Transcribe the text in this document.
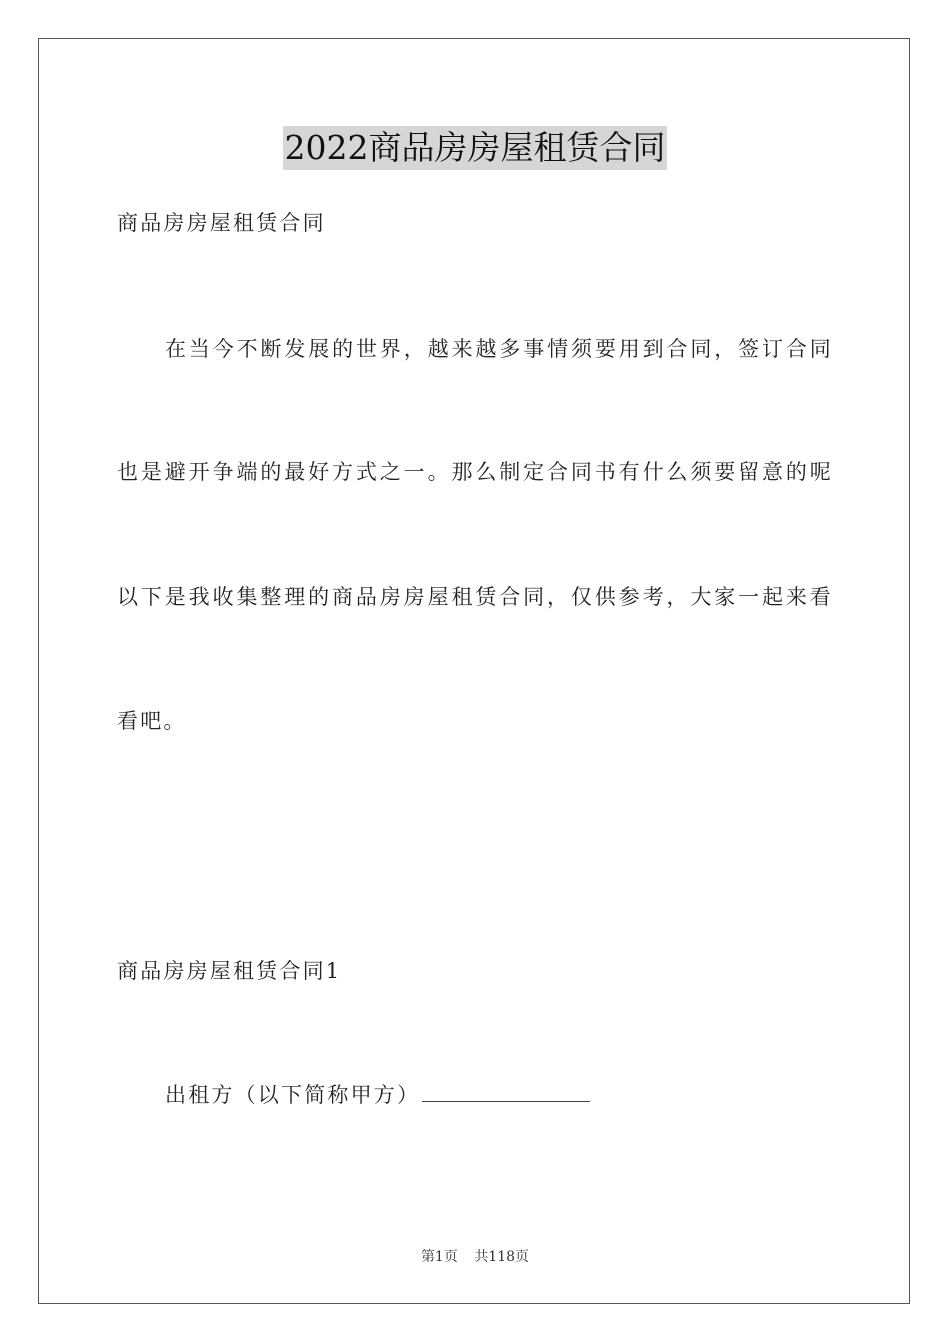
2022商品房房屋租赁合同
商品房房屋租赁合同
在当今不断发展的世界，越来越多事情须要用到合同，签订合同
也是避开争端的最好方式之一。那么制定合同书有什么须要留意的呢
以下是我收集整理的商品房房屋租赁合同，仅供参考，大家一起来看
看吧。
商品房房屋租赁合同1
出租方（以下简称甲方）
第1页 共118页
